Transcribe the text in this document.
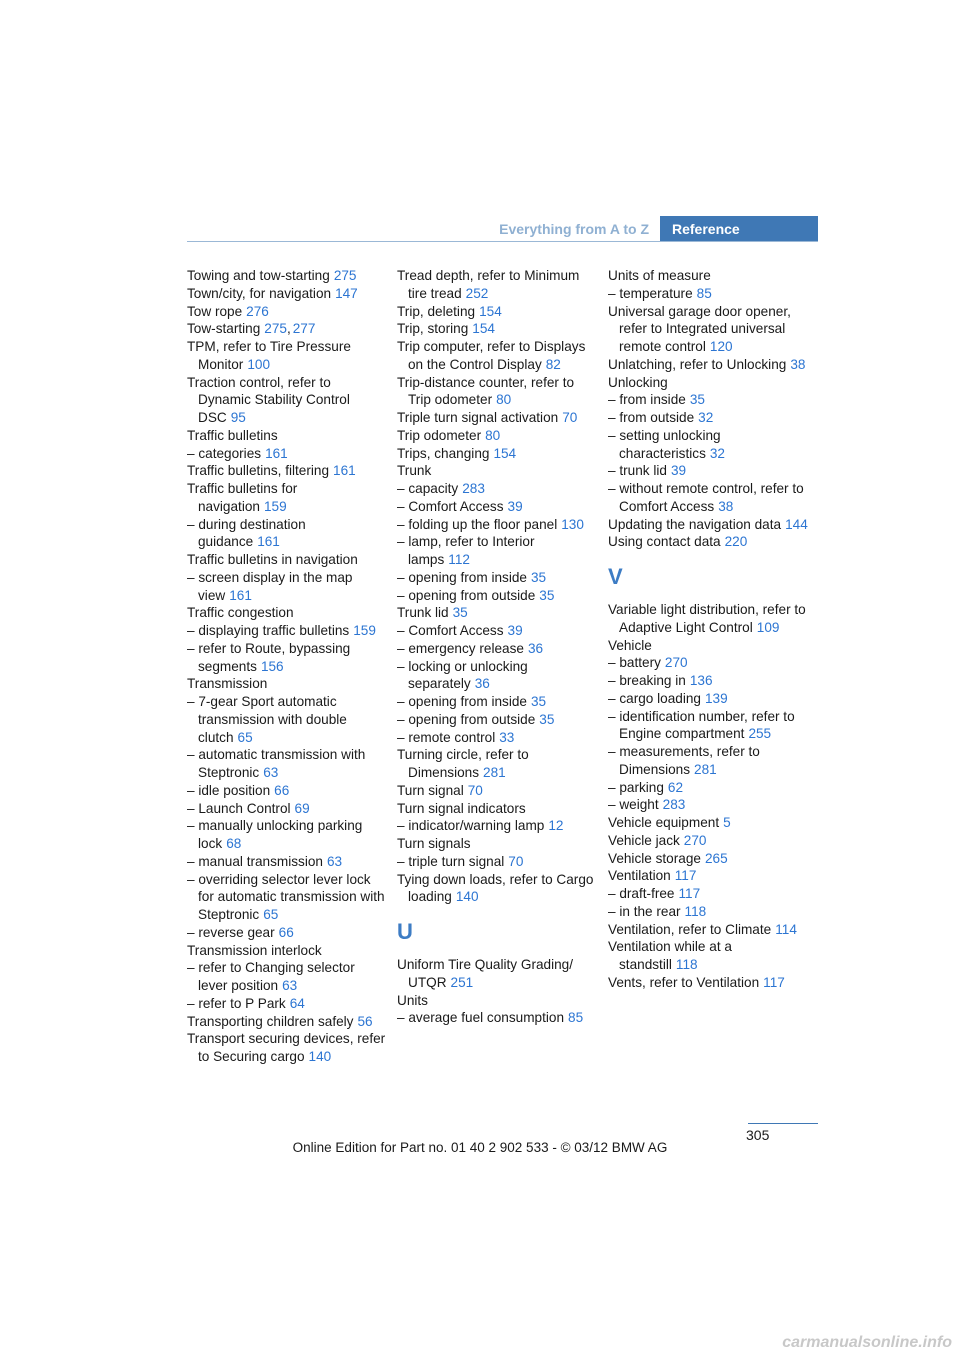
Everything from A to Z	Reference
Towing and tow-starting 275
Town/city, for navigation 147
Tow rope 276
Tow-starting 275, 277
TPM, refer to Tire Pressure Monitor 100
Traction control, refer to Dynamic Stability Control DSC 95
Traffic bulletins
– categories 161
Traffic bulletins, filtering 161
Traffic bulletins for navigation 159
– during destination guidance 161
Traffic bulletins in navigation
– screen display in the map view 161
Traffic congestion
– displaying traffic bulletins 159
– refer to Route, bypassing segments 156
Transmission
– 7-gear Sport automatic transmission with double clutch 65
– automatic transmission with Steptronic 63
– idle position 66
– Launch Control 69
– manually unlocking parking lock 68
– manual transmission 63
– overriding selector lever lock for automatic transmission with Steptronic 65
– reverse gear 66
Transmission interlock
– refer to Changing selector lever position 63
– refer to P Park 64
Transporting children safely 56
Transport securing devices, refer to Securing cargo 140
Tread depth, refer to Minimum tire tread 252
Trip, deleting 154
Trip, storing 154
Trip computer, refer to Displays on the Control Display 82
Trip-distance counter, refer to Trip odometer 80
Triple turn signal activation 70
Trip odometer 80
Trips, changing 154
Trunk
– capacity 283
– Comfort Access 39
– folding up the floor panel 130
– lamp, refer to Interior lamps 112
– opening from inside 35
– opening from outside 35
Trunk lid 35
– Comfort Access 39
– emergency release 36
– locking or unlocking separately 36
– opening from inside 35
– opening from outside 35
– remote control 33
Turning circle, refer to Dimensions 281
Turn signal 70
Turn signal indicators
– indicator/warning lamp 12
Turn signals
– triple turn signal 70
Tying down loads, refer to Cargo loading 140
U
Uniform Tire Quality Grading/ UTQR 251
Units
– average fuel consumption 85
Units of measure
– temperature 85
Universal garage door opener, refer to Integrated universal remote control 120
Unlatching, refer to Unlocking 38
Unlocking
– from inside 35
– from outside 32
– setting unlocking characteristics 32
– trunk lid 39
– without remote control, refer to Comfort Access 38
Updating the navigation data 144
Using contact data 220
V
Variable light distribution, refer to Adaptive Light Control 109
Vehicle
– battery 270
– breaking in 136
– cargo loading 139
– identification number, refer to Engine compartment 255
– measurements, refer to Dimensions 281
– parking 62
– weight 283
Vehicle equipment 5
Vehicle jack 270
Vehicle storage 265
Ventilation 117
– draft-free 117
– in the rear 118
Ventilation, refer to Climate 114
Ventilation while at a standstill 118
Vents, refer to Ventilation 117
305
Online Edition for Part no. 01 40 2 902 533 - © 03/12 BMW AG
carmanualsonline.info
